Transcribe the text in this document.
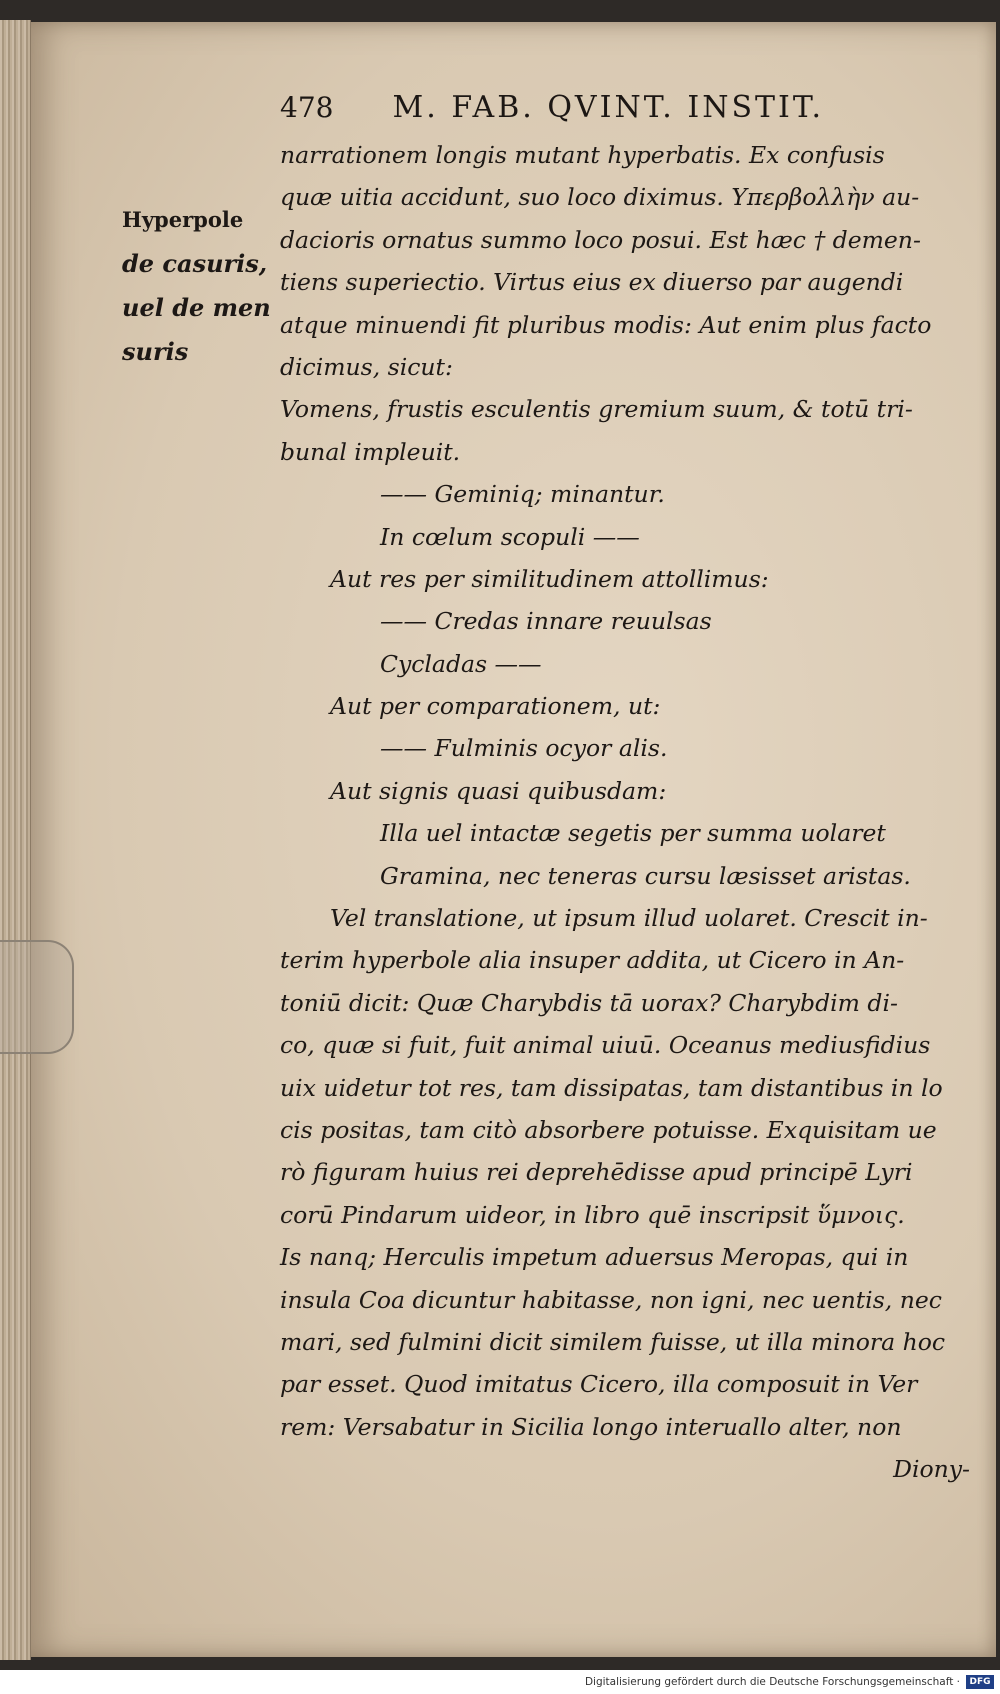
478 M. FAB. QVINT. INSTIT.
Hyperpole
de casuris,
uel de men
suris
narrationem longis mutant hyperbatis. Ex confusis
quæ uitia accidunt, suo loco diximus. Υπερβολλὴν au-
dacioris ornatus summo loco posui. Est hæc † demen-
tiens superiectio. Virtus eius ex diuerso par augendi
atque minuendi fit pluribus modis: Aut enim plus facto
dicimus, sicut:
Vomens, frustis esculentis gremium suum, & totū tri-
bunal impleuit.
—— Geminiq; minantur.
In cœlum scopuli ——
Aut res per similitudinem attollimus:
—— Credas innare reuulsas
Cycladas ——
Aut per comparationem, ut:
—— Fulminis ocyor alis.
Aut signis quasi quibusdam:
Illa uel intactæ segetis per summa uolaret
Gramina, nec teneras cursu læsisset aristas.
Vel translatione, ut ipsum illud uolaret. Crescit in-
terim hyperbole alia insuper addita, ut Cicero in An-
toniū dicit: Quæ Charybdis tā uorax? Charybdim di-
co, quæ si fuit, fuit animal uiuū. Oceanus mediusfidius
uix uidetur tot res, tam dissipatas, tam distantibus in lo
cis positas, tam citò absorbere potuisse. Exquisitam ue
rò figuram huius rei deprehēdisse apud principē Lyri
corū Pindarum uideor, in libro quē inscripsit ὕμνοις.
Is nanq; Herculis impetum aduersus Meropas, qui in
insula Coa dicuntur habitasse, non igni, nec uentis, nec
mari, sed fulmini dicit similem fuisse, ut illa minora hoc
par esset. Quod imitatus Cicero, illa composuit in Ver
rem: Versabatur in Sicilia longo interuallo alter, non
Diony-
Digitalisierung gefördert durch die Deutsche Forschungsgemeinschaft ·	DFG
